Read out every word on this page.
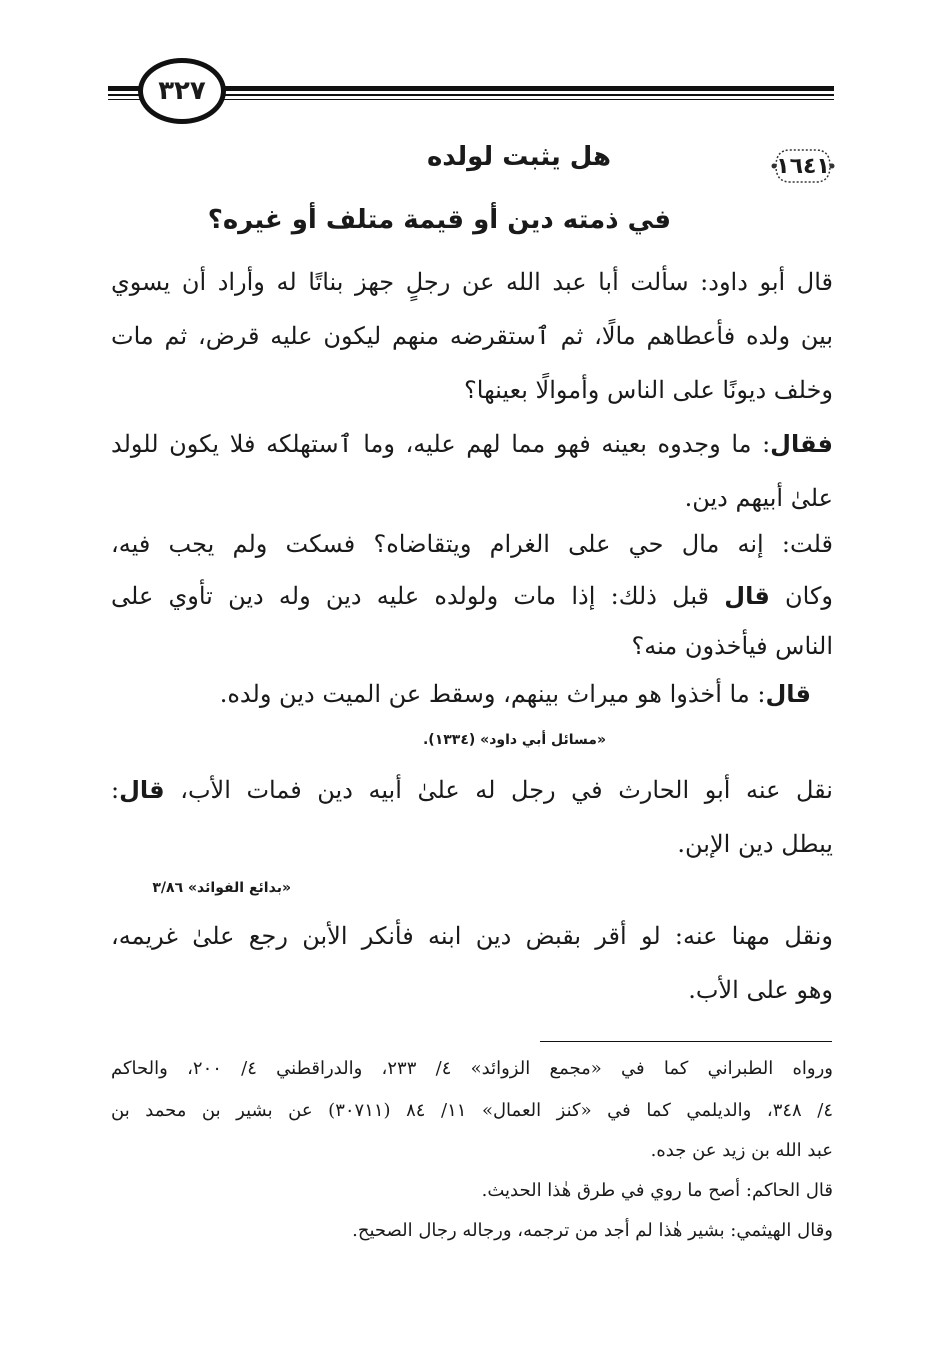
٣٢٧
١٦٤١
هل يثبت لولده
في ذمته دين أو قيمة متلف أو غيره؟
قال أبو داود: سألت أبا عبد الله عن رجلٍ جهز بناتًا له وأراد أن يسوي
بين ولده فأعطاهم مالًا، ثم ٱستقرضه منهم ليكون عليه قرض، ثم مات
وخلف ديونًا على الناس وأموالًا بعينها؟
فقال: ما وجدوه بعينه فهو مما لهم عليه، وما ٱستهلكه فلا يكون للولد
علىٰ أبيهم دين.
قلت: إنه مال حي على الغرام ويتقاضاه؟ فسكت ولم يجب فيه،
وكان قال قبل ذلك: إذا مات ولولده عليه دين وله دين تأوي على
الناس فيأخذون منه؟
قال: ما أخذوا هو ميراث بينهم، وسقط عن الميت دين ولده.
«مسائل أبي داود» (١٣٣٤).
نقل عنه أبو الحارث في رجل له علىٰ أبيه دين فمات الأب، قال:
يبطل دين الإبن.
«بدائع الفوائد» ٣/٨٦
ونقل مهنا عنه: لو أقر بقبض دين ابنه فأنكر الأبن رجع علىٰ غريمه،
وهو على الأب.
ورواه الطبراني كما في «مجمع الزوائد» ٤/ ٢٣٣، والدراقطني ٤/ ٢٠٠، والحاكم
٤/ ٣٤٨، والديلمي كما في «كنز العمال» ١١/ ٨٤ (٣٠٧١١) عن بشير بن محمد بن
عبد الله بن زيد عن جده.
قال الحاكم: أصح ما روي في طرق هٰذا الحديث.
وقال الهيثمي: بشير هٰذا لم أجد من ترجمه، ورجاله رجال الصحيح.
